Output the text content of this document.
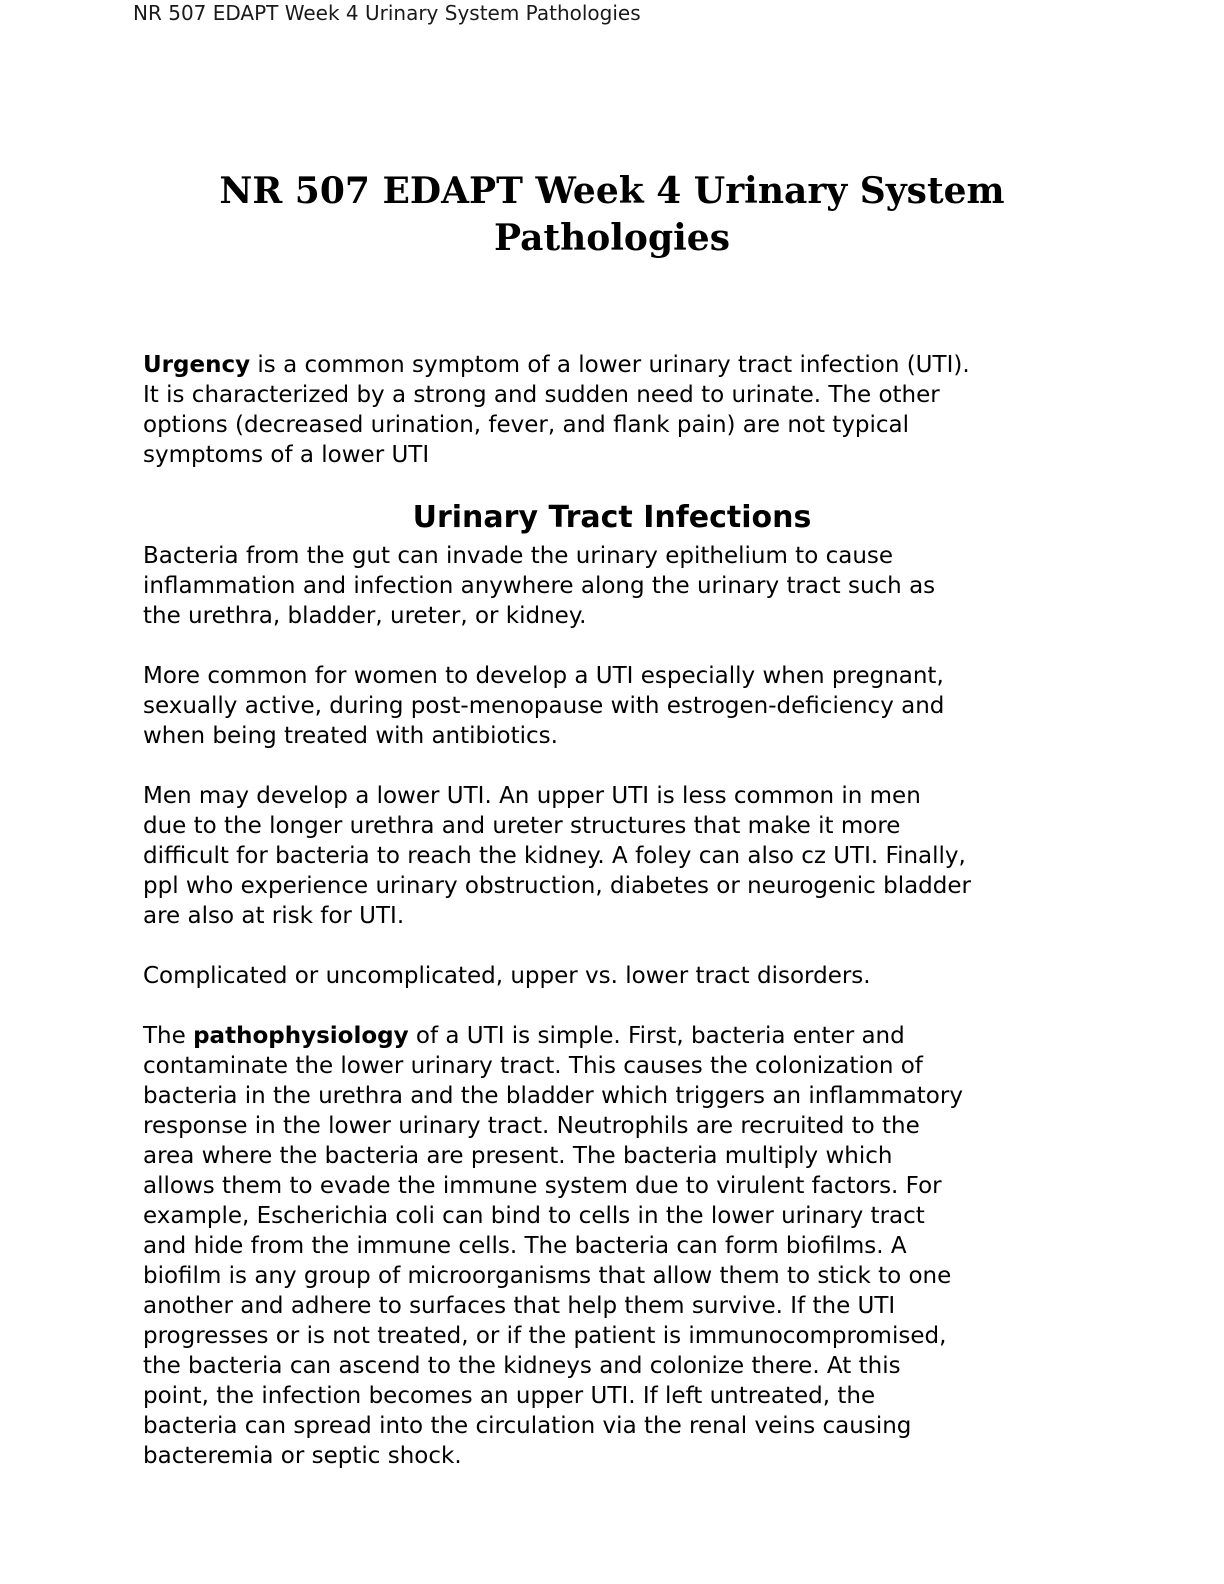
NR 507 EDAPT Week 4 Urinary System Pathologies
NR 507 EDAPT Week 4 Urinary System
Pathologies

Urgency is a common symptom of a lower urinary tract infection (UTI).
It is characterized by a strong and sudden need to urinate. The other
options (decreased urination, fever, and flank pain) are not typical
symptoms of a lower UTI

Urinary Tract Infections

Bacteria from the gut can invade the urinary epithelium to cause
inflammation and infection anywhere along the urinary tract such as
the urethra, bladder, ureter, or kidney.

More common for women to develop a UTI especially when pregnant,
sexually active, during post-menopause with estrogen-deficiency and
when being treated with antibiotics.

Men may develop a lower UTI. An upper UTI is less common in men
due to the longer urethra and ureter structures that make it more
difficult for bacteria to reach the kidney. A foley can also cz UTI. Finally,
ppl who experience urinary obstruction, diabetes or neurogenic bladder
are also at risk for UTI.

Complicated or uncomplicated, upper vs. lower tract disorders.

The pathophysiology of a UTI is simple. First, bacteria enter and
contaminate the lower urinary tract. This causes the colonization of
bacteria in the urethra and the bladder which triggers an inflammatory
response in the lower urinary tract. Neutrophils are recruited to the
area where the bacteria are present. The bacteria multiply which
allows them to evade the immune system due to virulent factors. For
example, Escherichia coli can bind to cells in the lower urinary tract
and hide from the immune cells. The bacteria can form biofilms. A
biofilm is any group of microorganisms that allow them to stick to one
another and adhere to surfaces that help them survive. If the UTI
progresses or is not treated, or if the patient is immunocompromised,
the bacteria can ascend to the kidneys and colonize there. At this
point, the infection becomes an upper UTI. If left untreated, the
bacteria can spread into the circulation via the renal veins causing
bacteremia or septic shock.
